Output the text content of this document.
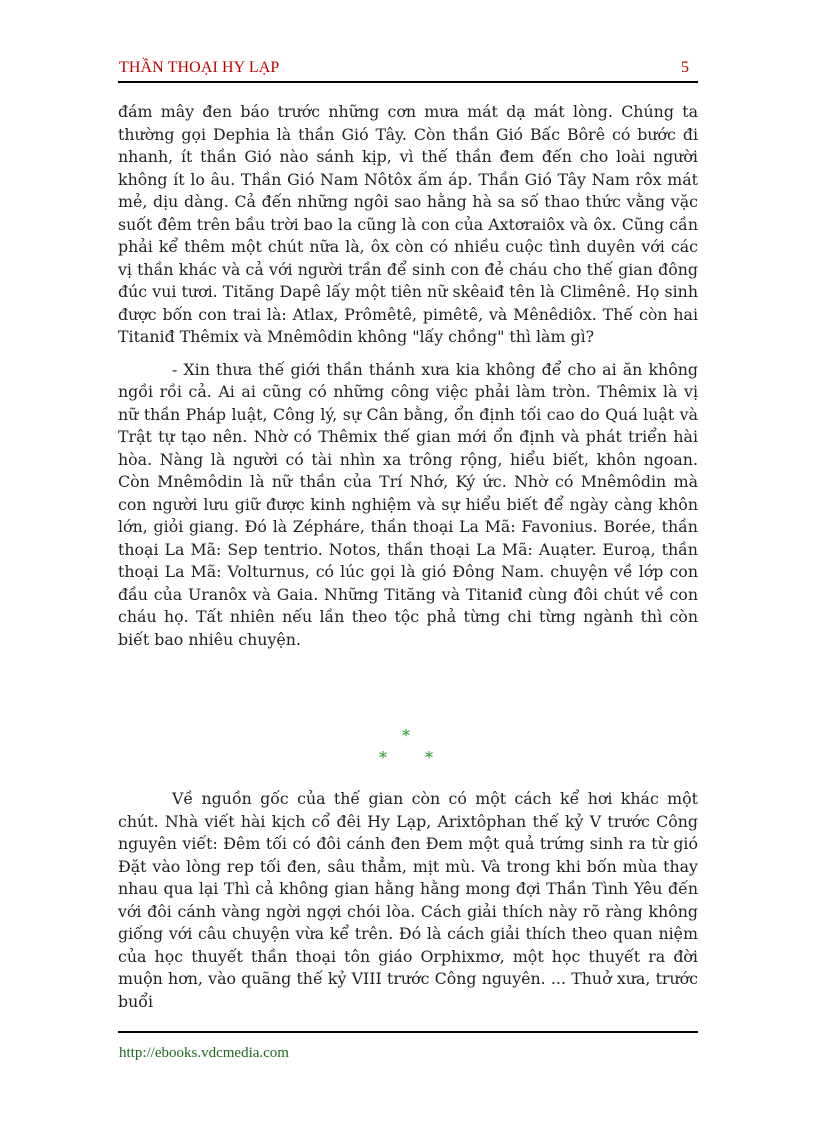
THẦN THOẠI HY LẠP	5

đám mây đen báo trước những cơn mưa mát dạ mát lòng. Chúng ta thường gọi Dephia là thần Gió Tây. Còn thần Gió Bấc Bôrê có bước đi nhanh, ít thần Gió nào sánh kịp, vì thế thần đem đến cho loài người không ít lo âu. Thần Gió Nam Nôtôx ấm áp. Thần Gió Tây Nam rôx mát mẻ, dịu dàng. Cả đến những ngôi sao hằng hà sa số thao thức vằng vặc suốt đêm trên bầu trời bao la cũng là con của Axtơraiôx và ôx. Cũng cần phải kể thêm một chút nữa là, ôx còn có nhiều cuộc tình duyên với các vị thần khác và cả với người trần để sinh con đẻ cháu cho thế gian đông đúc vui tươi. Tităng Dapê lấy một tiên nữ skêaiđ tên là Climênê. Họ sinh được bốn con trai là: Atlax, Prômêtê, pimêtê, và Mênêdiôx. Thế còn hai Titaniđ Thêmix và Mnêmôdin không "lấy chồng" thì làm gì?

- Xin thưa thế giới thần thánh xưa kia không để cho ai ăn không ngồi rồi cả. Ai ai cũng có những công việc phải làm tròn. Thêmix là vị nữ thần Pháp luật, Công lý, sự Cân bằng, ổn định tối cao do Quá luật và Trật tự tạo nên. Nhờ có Thêmix thế gian mới ổn định và phát triển hài hòa. Nàng là người có tài nhìn xa trông rộng, hiểu biết, khôn ngoan. Còn Mnêmôdin là nữ thần của Trí Nhớ, Ký ức. Nhờ có Mnêmôdin mà con người lưu giữ được kinh nghiệm và sự hiểu biết để ngày càng khôn lớn, giỏi giang. Đó là Zépháre, thần thoại La Mã: Favonius. Borée, thần thoại La Mã: Sep tentrio. Notos, thần thoại La Mã: Auạter. Euroạ, thần thoại La Mã: Volturnus, có lúc gọi là gió Đông Nam. chuyện về lớp con đầu của Uranôx và Gaia. Những Tităng và Titaniđ cùng đôi chút về con cháu họ. Tất nhiên nếu lần theo tộc phả từng chi từng ngành thì còn biết bao nhiêu chuyện.

*
* *

Về nguồn gốc của thế gian còn có một cách kể hơi khác một chút. Nhà viết hài kịch cổ đêi Hy Lạp, Arixtôphan thế kỷ V trước Công nguyên viết: Đêm tối có đôi cánh đen Đem một quả trứng sinh ra từ gió Đặt vào lòng rep tối đen, sâu thẳm, mịt mù. Và trong khi bốn mùa thay nhau qua lại Thì cả không gian hằng hằng mong đợi Thần Tình Yêu đến với đôi cánh vàng ngời ngợi chói lòa. Cách giải thích này rõ ràng không giống với câu chuyện vừa kể trên. Đó là cách giải thích theo quan niệm của học thuyết thần thoại tôn giáo Orphixmơ, một học thuyết ra đời muộn hơn, vào quãng thế kỷ VIII trước Công nguyên. ... Thuở xưa, trước buổi

http://ebooks.vdcmedia.com
